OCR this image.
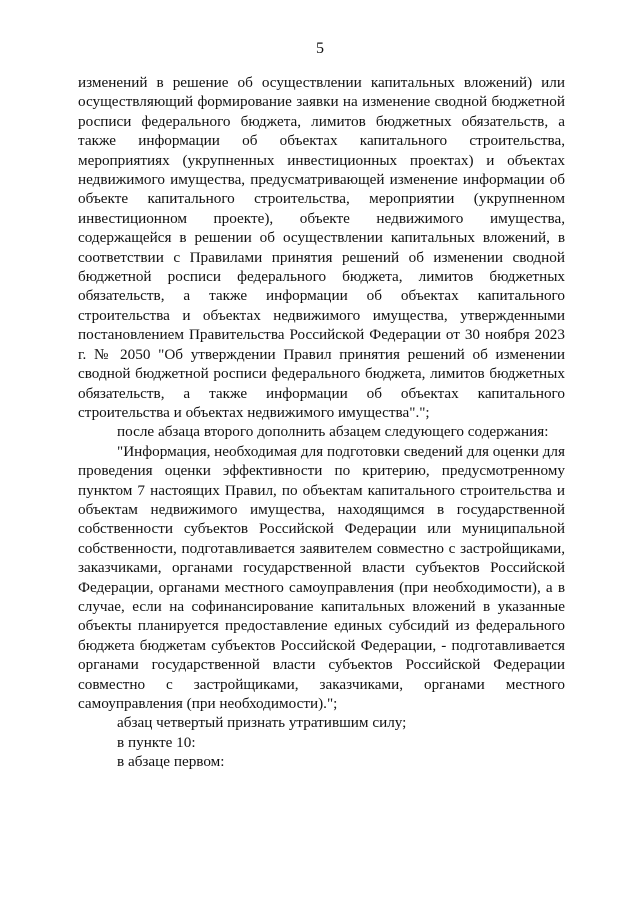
5

изменений в решение об осуществлении капитальных вложений) или осуществляющий формирование заявки на изменение сводной бюджетной росписи федерального бюджета, лимитов бюджетных обязательств, а также информации об объектах капитального строительства, мероприятиях (укрупненных инвестиционных проектах) и объектах недвижимого имущества, предусматривающей изменение информации об объекте капитального строительства, мероприятии (укрупненном инвестиционном проекте), объекте недвижимого имущества, содержащейся в решении об осуществлении капитальных вложений, в соответствии с Правилами принятия решений об изменении сводной бюджетной росписи федерального бюджета, лимитов бюджетных обязательств, а также информации об объектах капитального строительства и объектах недвижимого имущества, утвержденными постановлением Правительства Российской Федерации от 30 ноября 2023 г. № 2050 "Об утверждении Правил принятия решений об изменении сводной бюджетной росписи федерального бюджета, лимитов бюджетных обязательств, а также информации об объектах капитального строительства и объектах недвижимого имущества".";

после абзаца второго дополнить абзацем следующего содержания:

"Информация, необходимая для подготовки сведений для оценки для проведения оценки эффективности по критерию, предусмотренному пунктом 7 настоящих Правил, по объектам капитального строительства и объектам недвижимого имущества, находящимся в государственной собственности субъектов Российской Федерации или муниципальной собственности, подготавливается заявителем совместно с застройщиками, заказчиками, органами государственной власти субъектов Российской Федерации, органами местного самоуправления (при необходимости), а в случае, если на софинансирование капитальных вложений в указанные объекты планируется предоставление единых субсидий из федерального бюджета бюджетам субъектов Российской Федерации, - подготавливается органами государственной власти субъектов Российской Федерации совместно с застройщиками, заказчиками, органами местного самоуправления (при необходимости).";

абзац четвертый признать утратившим силу;

в пункте 10:

в абзаце первом:
